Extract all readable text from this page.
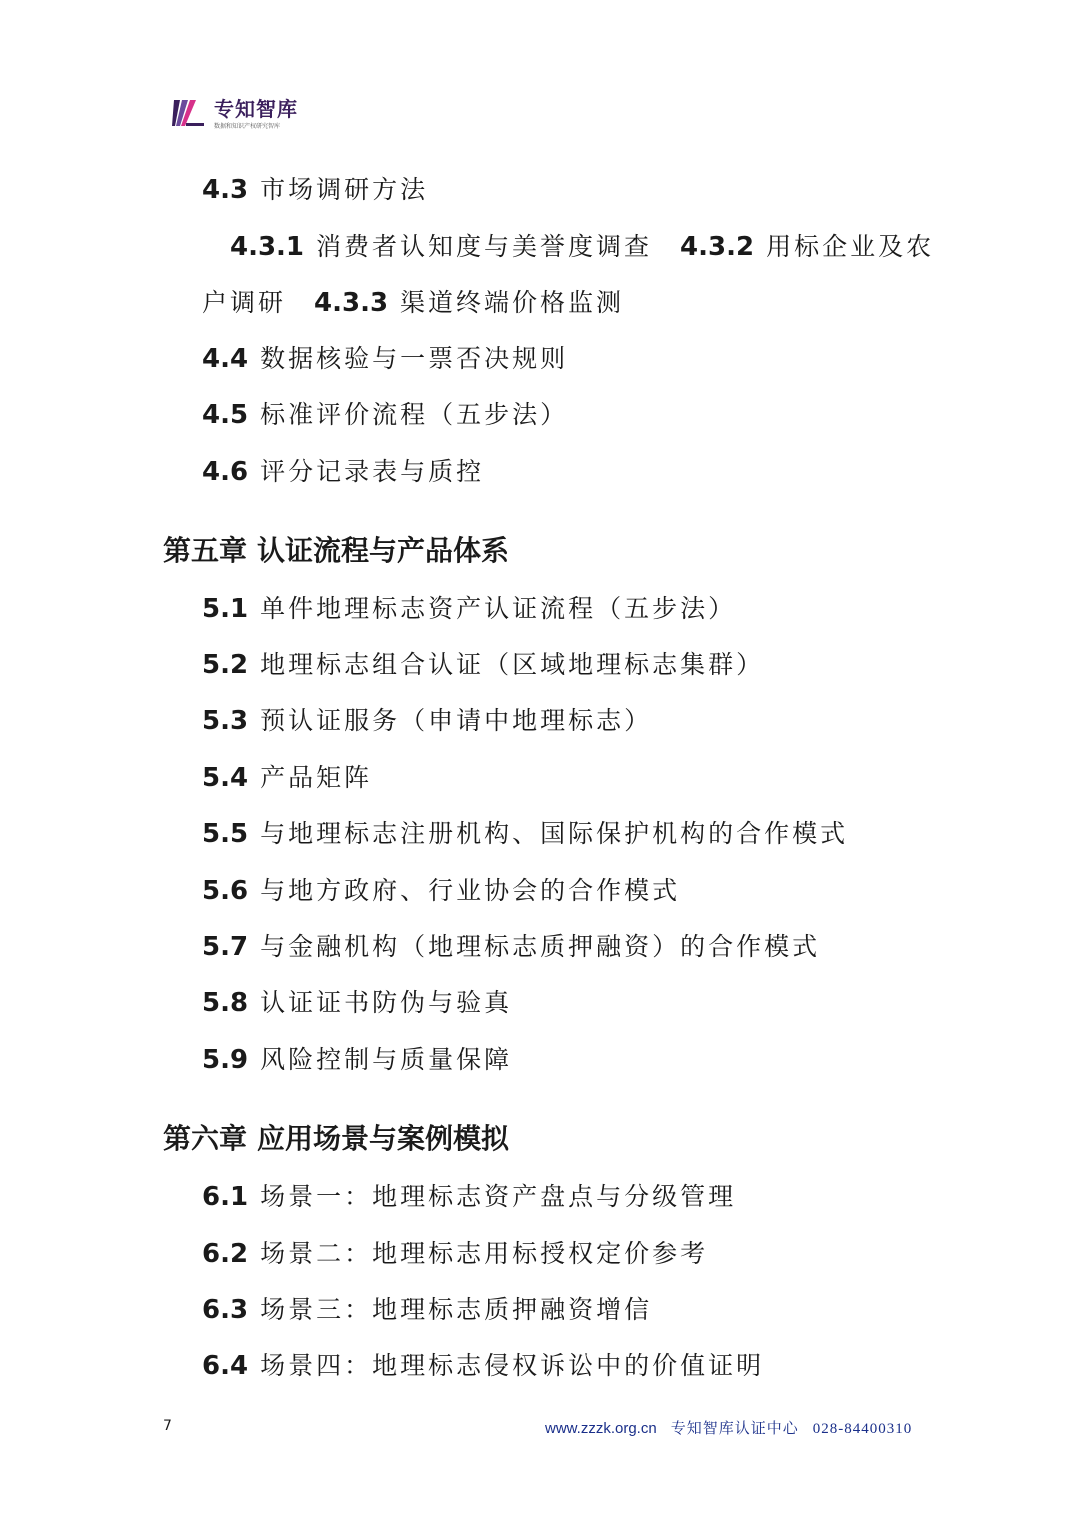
专知智库
数据和知识产权研究智库
4.3 市场调研方法
4.3.1 消费者认知度与美誉度调查 4.3.2 用标企业及农
户调研 4.3.3 渠道终端价格监测
4.4 数据核验与一票否决规则
4.5 标准评价流程（五步法）
4.6 评分记录表与质控
第五章 认证流程与产品体系
5.1 单件地理标志资产认证流程（五步法）
5.2 地理标志组合认证（区域地理标志集群）
5.3 预认证服务（申请中地理标志）
5.4 产品矩阵
5.5 与地理标志注册机构、国际保护机构的合作模式
5.6 与地方政府、行业协会的合作模式
5.7 与金融机构（地理标志质押融资）的合作模式
5.8 认证证书防伪与验真
5.9 风险控制与质量保障
第六章 应用场景与案例模拟
6.1 场景一：地理标志资产盘点与分级管理
6.2 场景二：地理标志用标授权定价参考
6.3 场景三：地理标志质押融资增信
6.4 场景四：地理标志侵权诉讼中的价值证明
7	www.zzzk.org.cn 专知智库认证中心 028-84400310
